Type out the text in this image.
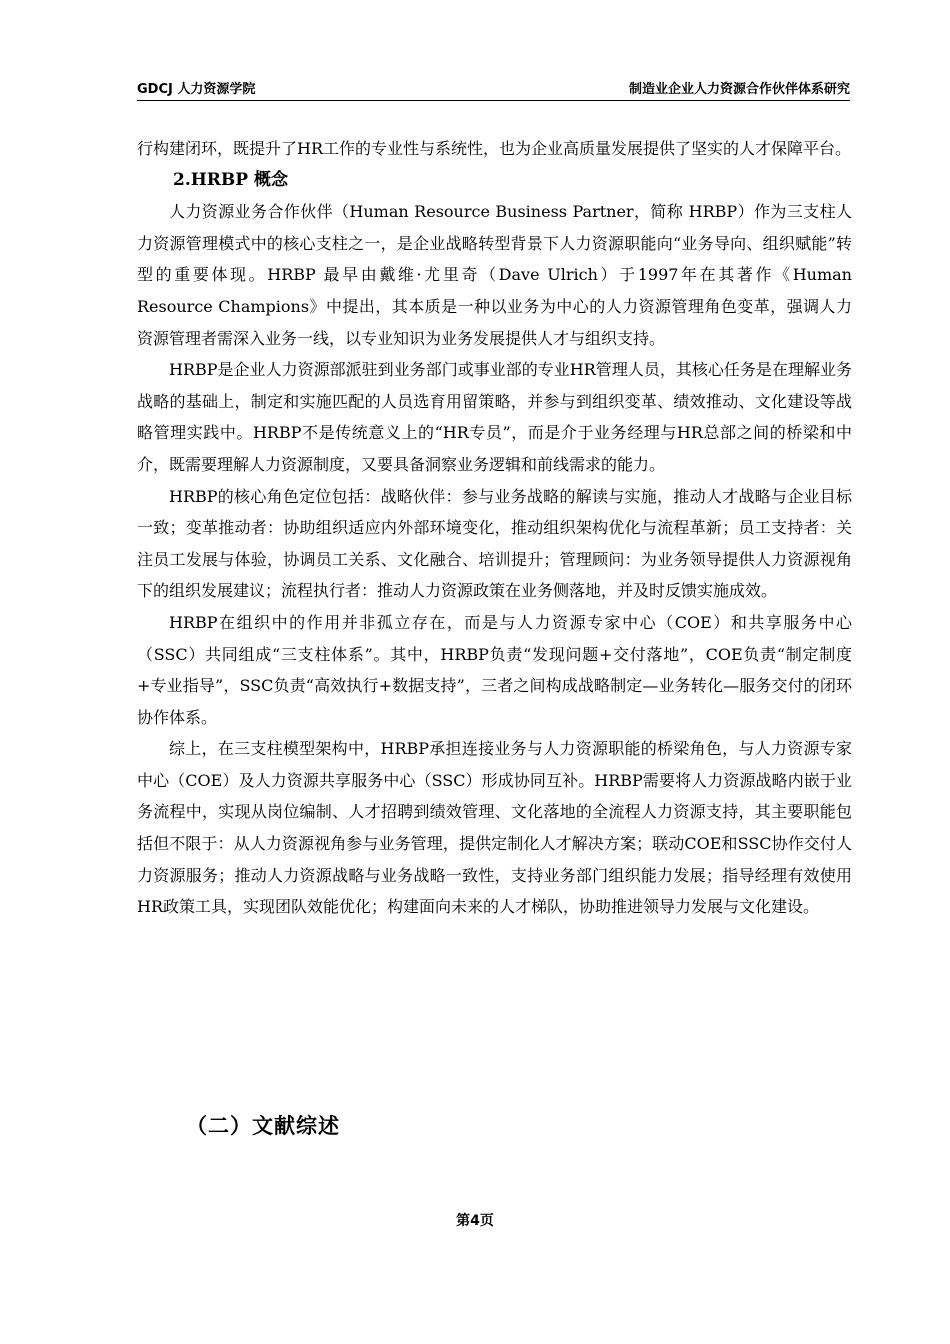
GDCJ 人力资源学院	制造业企业人力资源合作伙伴体系研究

行构建闭环，既提升了HR工作的专业性与系统性，也为企业高质量发展提供了坚实的人才保障平台。

2.HRBP 概念

人力资源业务合作伙伴（Human Resource Business Partner，简称 HRBP）作为三支柱人力资源管理模式中的核心支柱之一，是企业战略转型背景下人力资源职能向“业务导向、组织赋能”转型的重要体现。HRBP 最早由戴维·尤里奇（Dave Ulrich）于1997年在其著作《Human Resource Champions》中提出，其本质是一种以业务为中心的人力资源管理角色变革，强调人力资源管理者需深入业务一线，以专业知识为业务发展提供人才与组织支持。

HRBP是企业人力资源部派驻到业务部门或事业部的专业HR管理人员，其核心任务是在理解业务战略的基础上，制定和实施匹配的人员选育用留策略，并参与到组织变革、绩效推动、文化建设等战略管理实践中。HRBP不是传统意义上的“HR专员”，而是介于业务经理与HR总部之间的桥梁和中介，既需要理解人力资源制度，又要具备洞察业务逻辑和前线需求的能力。

HRBP的核心角色定位包括：战略伙伴：参与业务战略的解读与实施，推动人才战略与企业目标一致；变革推动者：协助组织适应内外部环境变化，推动组织架构优化与流程革新；员工支持者：关注员工发展与体验，协调员工关系、文化融合、培训提升；管理顾问：为业务领导提供人力资源视角下的组织发展建议；流程执行者：推动人力资源政策在业务侧落地，并及时反馈实施成效。

HRBP在组织中的作用并非孤立存在，而是与人力资源专家中心（COE）和共享服务中心（SSC）共同组成“三支柱体系”。其中，HRBP负责“发现问题+交付落地”，COE负责“制定制度+专业指导”，SSC负责“高效执行+数据支持”，三者之间构成战略制定—业务转化—服务交付的闭环协作体系。

综上，在三支柱模型架构中，HRBP承担连接业务与人力资源职能的桥梁角色，与人力资源专家中心（COE）及人力资源共享服务中心（SSC）形成协同互补。HRBP需要将人力资源战略内嵌于业务流程中，实现从岗位编制、人才招聘到绩效管理、文化落地的全流程人力资源支持，其主要职能包括但不限于：从人力资源视角参与业务管理，提供定制化人才解决方案；联动COE和SSC协作交付人力资源服务；推动人力资源战略与业务战略一致性，支持业务部门组织能力发展；指导经理有效使用HR政策工具，实现团队效能优化；构建面向未来的人才梯队，协助推进领导力发展与文化建设。

（二）文献综述
第4页
